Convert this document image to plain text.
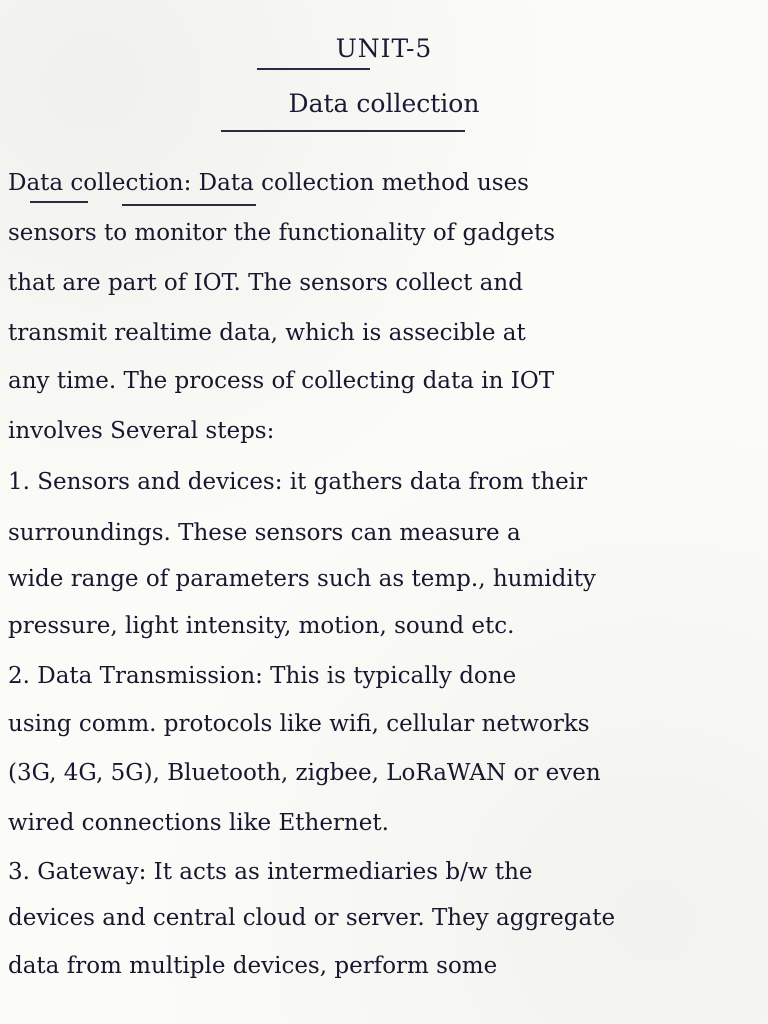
UNIT-5
Data collection
Data collection: Data collection method uses
sensors to monitor the functionality of gadgets
that are part of IOT. The sensors collect and
transmit realtime data, which is assecible at
any time. The process of collecting data in IOT
involves Several steps:
1. Sensors and devices: it gathers data from their
surroundings. These sensors can measure a
wide range of parameters such as temp., humidity
pressure, light intensity, motion, sound etc.
2. Data Transmission: This is typically done
using comm. protocols like wifi, cellular networks
(3G, 4G, 5G), Bluetooth, zigbee, LoRaWAN or even
wired connections like Ethernet.
3. Gateway: It acts as intermediaries b/w the
devices and central cloud or server. They aggregate
data from multiple devices, perform some
